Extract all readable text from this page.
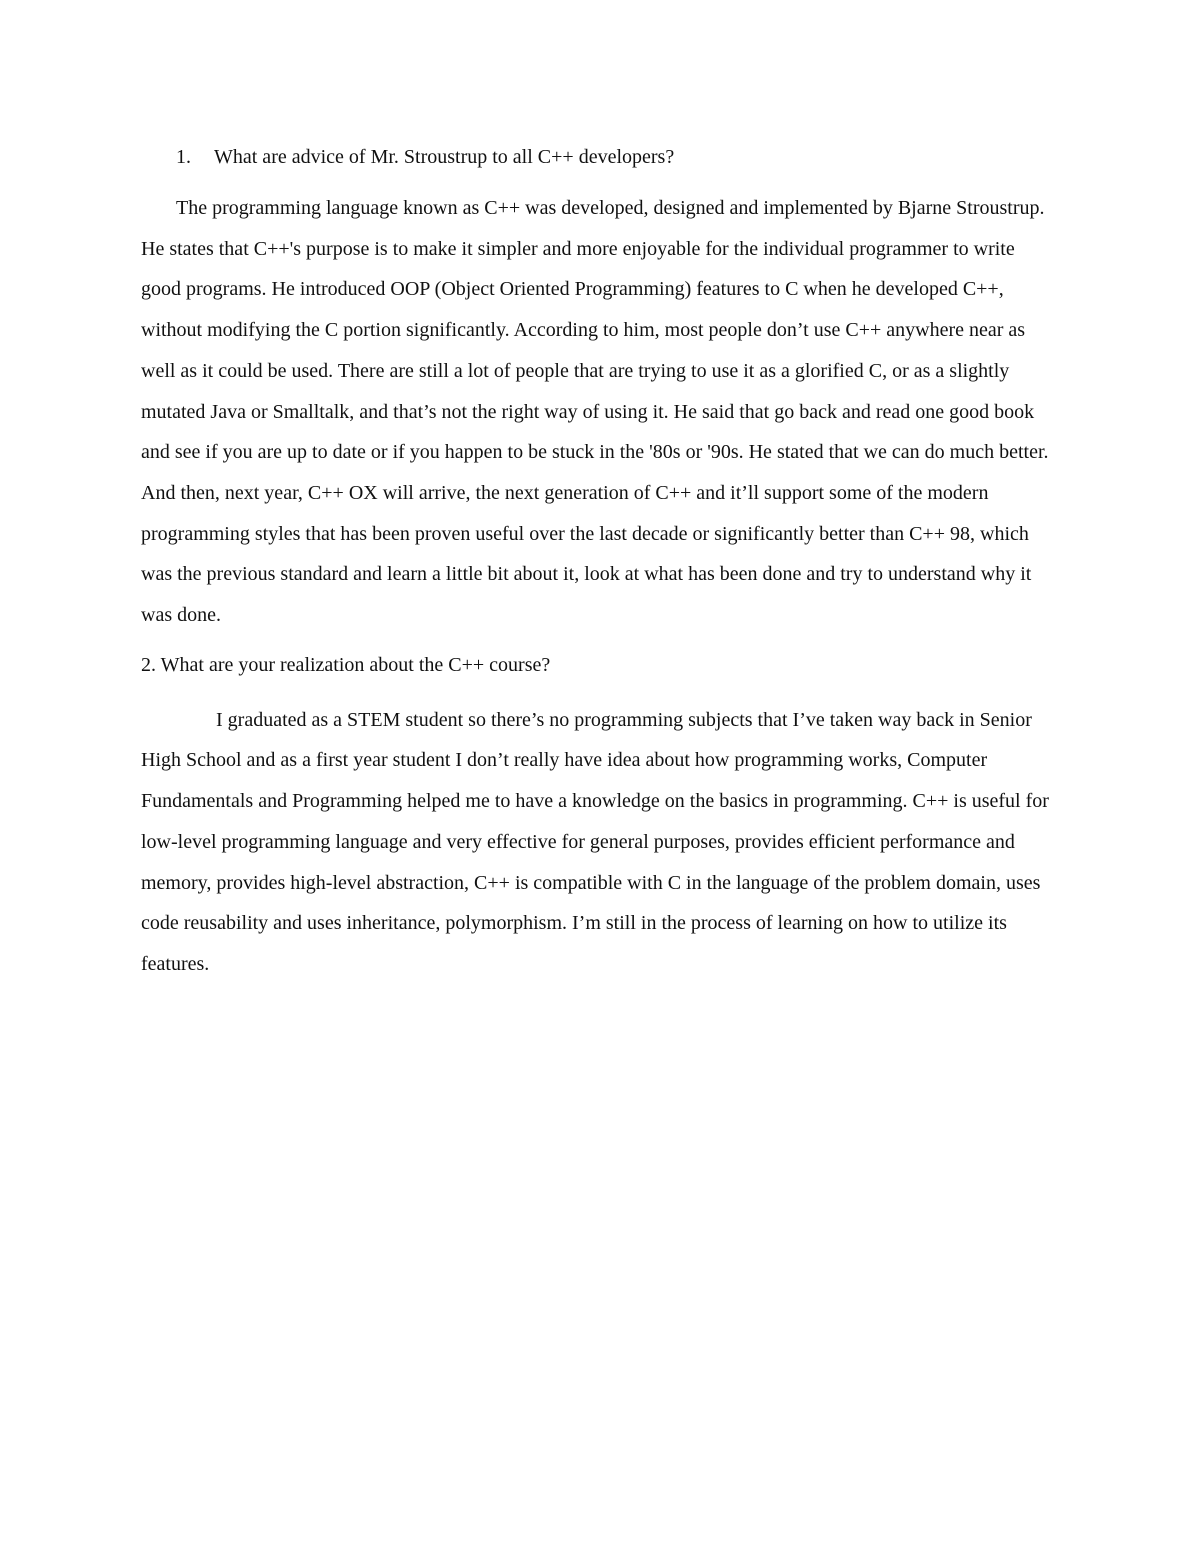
1.	What are advice of Mr. Stroustrup to all C++ developers?

The programming language known as C++ was developed, designed and implemented by Bjarne Stroustrup. He states that C++'s purpose is to make it simpler and more enjoyable for the individual programmer to write good programs. He introduced OOP (Object Oriented Programming) features to C when he developed C++, without modifying the C portion significantly. According to him, most people don’t use C++ anywhere near as well as it could be used. There are still a lot of people that are trying to use it as a glorified C, or as a slightly mutated Java or Smalltalk, and that’s not the right way of using it. He said that go back and read one good book and see if you are up to date or if you happen to be stuck in the '80s or '90s. He stated that we can do much better. And then, next year, C++ OX will arrive, the next generation of C++ and it’ll support some of the modern programming styles that has been proven useful over the last decade or significantly better than C++ 98, which was the previous standard and learn a little bit about it, look at what has been done and try to understand why it was done.

2. What are your realization about the C++ course?

I graduated as a STEM student so there’s no programming subjects that I’ve taken way back in Senior High School and as a first year student I don’t really have idea about how programming works, Computer Fundamentals and Programming helped me to have a knowledge on the basics in programming. C++ is useful for low-level programming language and very effective for general purposes, provides efficient performance and memory, provides high-level abstraction, C++ is compatible with C in the language of the problem domain, uses code reusability and uses inheritance, polymorphism. I’m still in the process of learning on how to utilize its features.
